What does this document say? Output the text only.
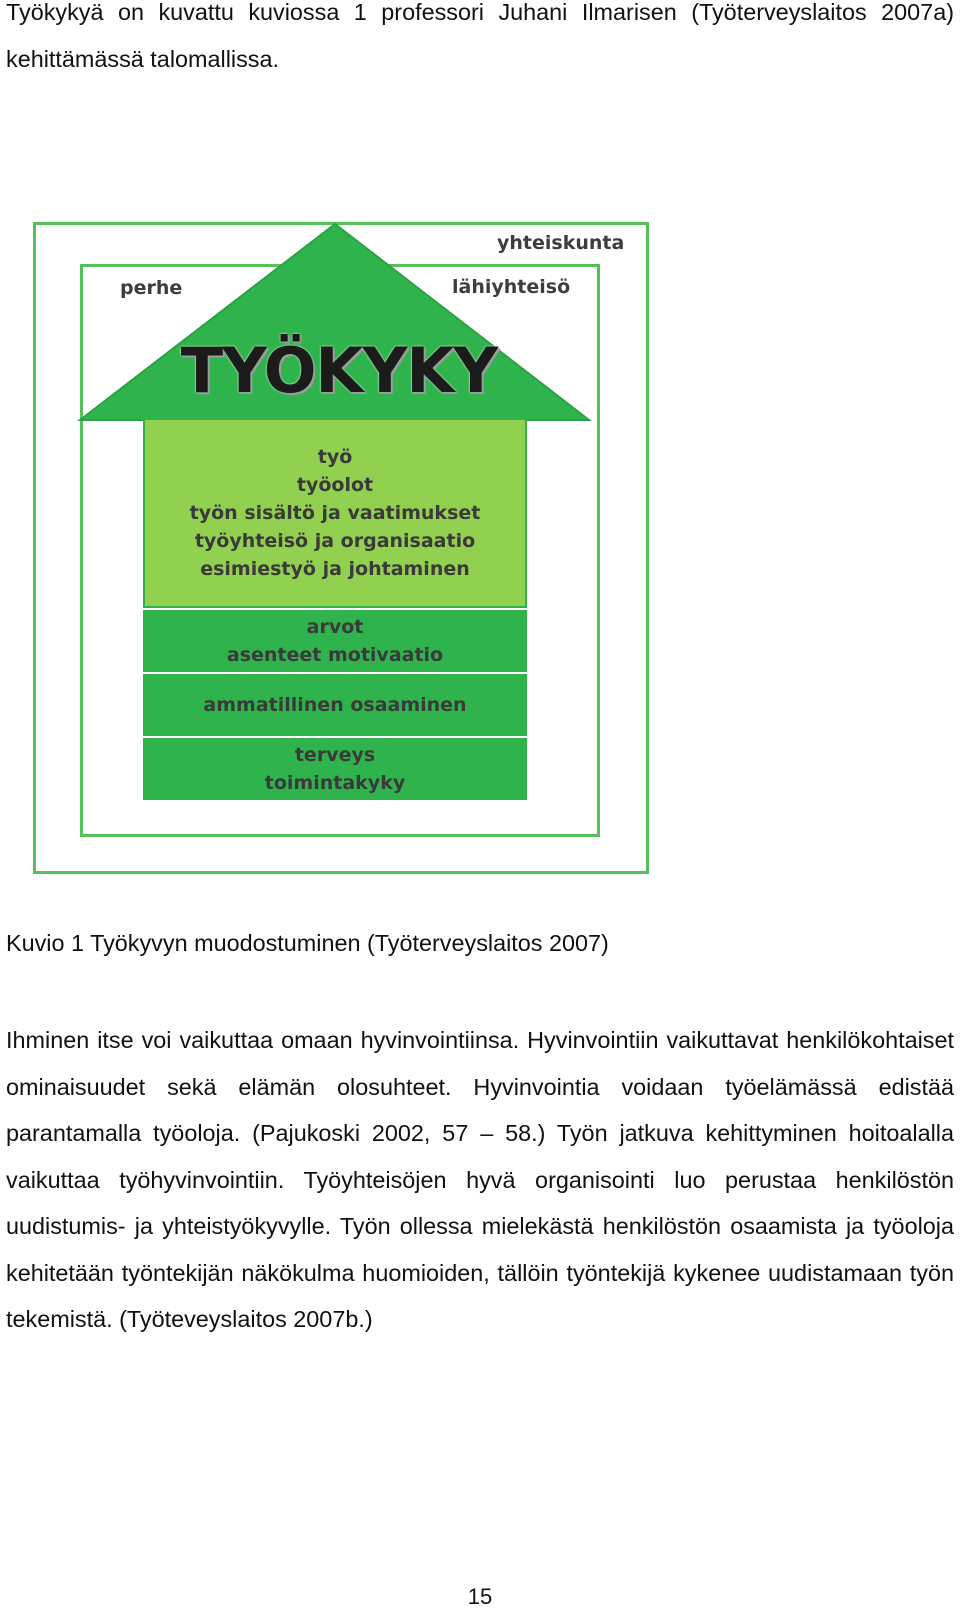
Työkykyä on kuvattu kuviossa 1 professori Juhani Ilmarisen (Työterveyslaitos 2007a) kehittämässä talomallissa.

yhteiskunta
perhe	lähiyhteisö
TYÖKYKY
työ
työolot
työn sisältö ja vaatimukset
työyhteisö ja organisaatio
esimiestyö ja johtaminen
arvot
asenteet motivaatio
ammatillinen osaaminen
terveys
toimintakyky

Kuvio 1 Työkyvyn muodostuminen (Työterveyslaitos 2007)

Ihminen itse voi vaikuttaa omaan hyvinvointiinsa. Hyvinvointiin vaikuttavat henkilökohtaiset ominaisuudet sekä elämän olosuhteet. Hyvinvointia voidaan työelämässä edistää parantamalla työoloja. (Pajukoski 2002, 57 – 58.) Työn jatkuva kehittyminen hoitoalalla vaikuttaa työhyvinvointiin. Työyhteisöjen hyvä organisointi luo perustaa henkilöstön uudistumis- ja yhteistyökyvylle. Työn ollessa mielekästä henkilöstön osaamista ja työoloja kehitetään työntekijän näkökulma huomioiden, tällöin työntekijä kykenee uudistamaan työn tekemistä. (Työteveyslaitos 2007b.)

15
